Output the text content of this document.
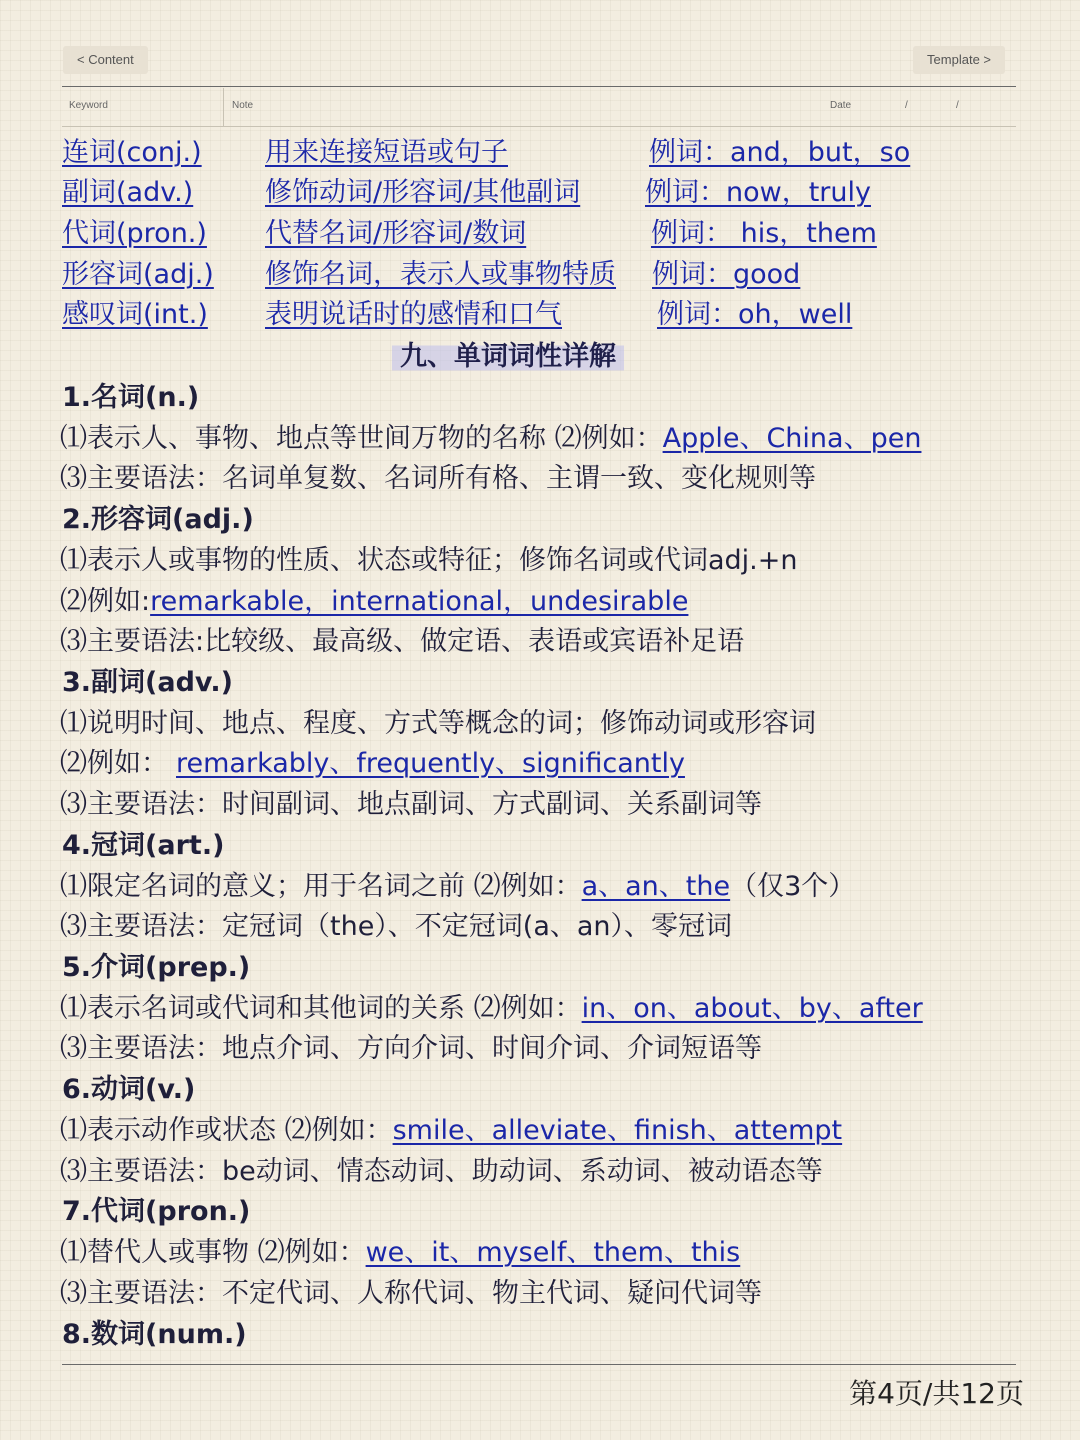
< Content	Template >
Keyword	Note	Date	/	/
连词(conj.) 用来连接短语或句子	例词：and，but，so
副词(adv.)	修饰动词/形容词/其他副词	例词：now，truly
代词(pron.) 代替名词/形容词/数词	例词： his，them
形容词(adj.) 修饰名词，表示人或事物特质 例词：good
感叹词(int.) 表明说话时的感情和口气	例词：oh，well
九、单词词性详解
1.名词(n.)
⑴表示人、事物、地点等世间万物的名称 ⑵例如：Apple、China、pen
⑶主要语法：名词单复数、名词所有格、主谓一致、变化规则等
2.形容词(adj.)
⑴表示人或事物的性质、状态或特征；修饰名词或代词adj.+n
⑵例如:remarkable，international，undesirable
⑶主要语法:比较级、最高级、做定语、表语或宾语补足语
3.副词(adv.)
⑴说明时间、地点、程度、方式等概念的词；修饰动词或形容词
⑵例如： remarkably、frequently、significantly
⑶主要语法：时间副词、地点副词、方式副词、关系副词等
4.冠词(art.)
⑴限定名词的意义；用于名词之前 ⑵例如：a、an、the（仅3个）
⑶主要语法：定冠词（the）、不定冠词(a、an）、零冠词
5.介词(prep.)
⑴表示名词或代词和其他词的关系 ⑵例如：in、on、about、by、after
⑶主要语法：地点介词、方向介词、时间介词、介词短语等
6.动词(v.)
⑴表示动作或状态 ⑵例如：smile、alleviate、finish、attempt
⑶主要语法：be动词、情态动词、助动词、系动词、被动语态等
7.代词(pron.)
⑴替代人或事物 ⑵例如：we、it、myself、them、this
⑶主要语法：不定代词、人称代词、物主代词、疑问代词等
8.数词(num.)
第4页/共12页
